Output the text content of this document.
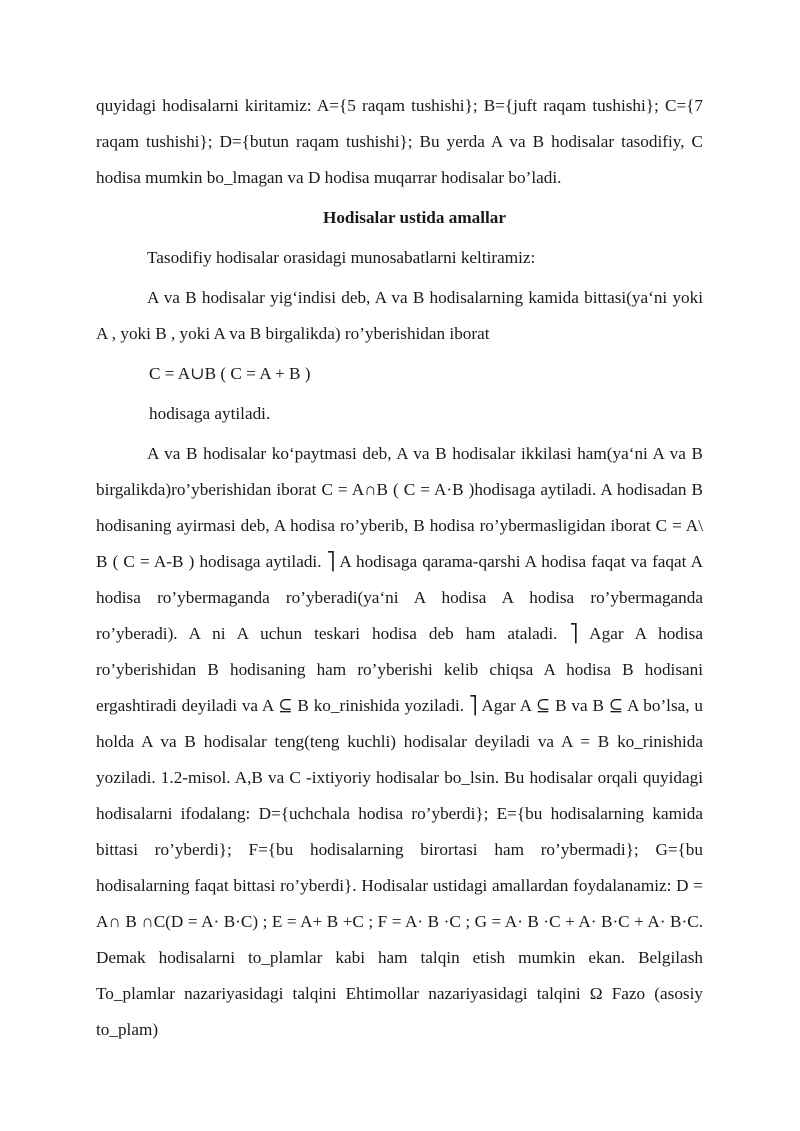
quyidagi hodisalarni kiritamiz: A={5 raqam tushishi}; B={juft raqam tushishi}; C={7 raqam tushishi}; D={butun raqam tushishi}; Bu yerda A va B hodisalar tasodifiy, C hodisa mumkin bo_lmagan va D hodisa muqarrar hodisalar bo’ladi.

Hodisalar ustida amallar

Tasodifiy hodisalar orasidagi munosabatlarni keltiramiz:

A va B hodisalar yig‘indisi deb, A va B hodisalarning kamida bittasi(ya‘ni yoki A , yoki B , yoki A va B birgalikda) ro’yberishidan iborat

C = A∪B ( C = A + B )

hodisaga aytiladi.

A va B hodisalar ko‘paytmasi deb, A va B hodisalar ikkilasi ham(ya‘ni A va B birgalikda)ro’yberishidan iborat C = A∩B ( C = A·B )hodisaga aytiladi. A hodisadan B hodisaning ayirmasi deb, A hodisa ro’yberib, B hodisa ro’ybermasligidan iborat C = A\ B ( C = A-B ) hodisaga aytiladi. ⎤ A hodisaga qarama-qarshi A hodisa faqat va faqat A hodisa ro’ybermaganda ro’yberadi(ya‘ni A hodisa A hodisa ro’ybermaganda ro’yberadi). A ni A uchun teskari hodisa deb ham ataladi. ⎤ Agar A hodisa ro’yberishidan B hodisaning ham ro’yberishi kelib chiqsa A hodisa B hodisani ergashtiradi deyiladi va A ⊆ B ko_rinishida yoziladi. ⎤ Agar A ⊆ B va B ⊆ A bo’lsa, u holda A va B hodisalar teng(teng kuchli) hodisalar deyiladi va A = B ko_rinishida yoziladi. 1.2-misol. A,B va C -ixtiyoriy hodisalar bo_lsin. Bu hodisalar orqali quyidagi hodisalarni ifodalang: D={uchchala hodisa ro’yberdi}; E={bu hodisalarning kamida bittasi ro’yberdi}; F={bu hodisalarning birortasi ham ro’ybermadi}; G={bu hodisalarning faqat bittasi ro’yberdi}. Hodisalar ustidagi amallardan foydalanamiz: D = A∩ B ∩C(D = A· B·C) ; E = A+ B +C ; F = A· B ·C ; G = A· B ·C + A· B·C + A· B·C. Demak hodisalarni to_plamlar kabi ham talqin etish mumkin ekan. Belgilash To_plamlar nazariyasidagi talqini Ehtimollar nazariyasidagi talqini Ω Fazo (asosiy to_plam)
